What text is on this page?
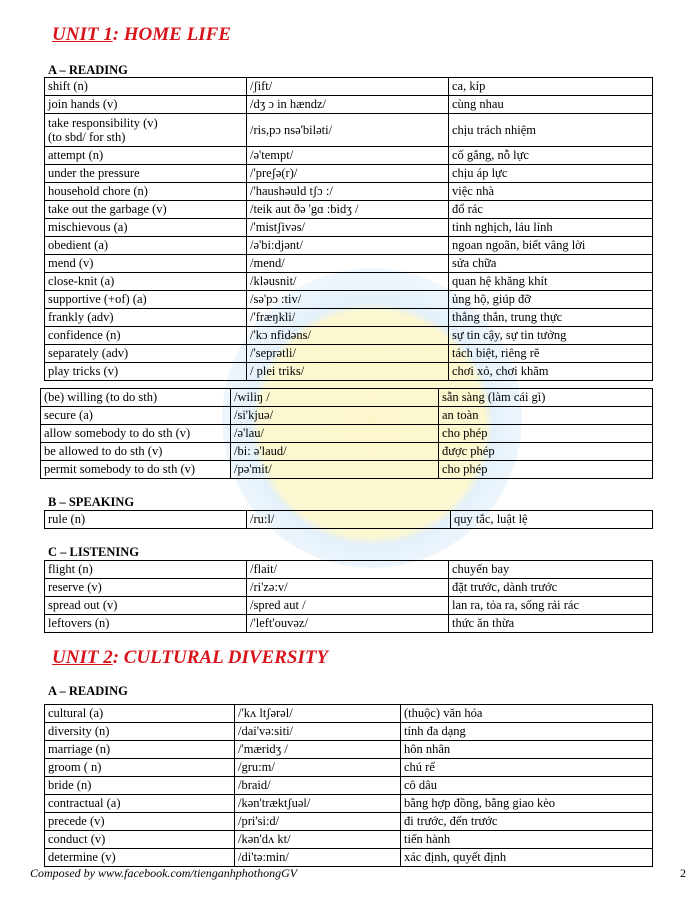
UNIT 1: HOME LIFE
A – READING
shift (n)	/ʃift/	ca, kíp
join hands (v)	/dʒ ɔ in hændz/	cùng nhau
take responsibility (v)
(to sbd/ for sth)	/ris,pɔ nsə'biləti/	chịu trách nhiệm
attempt (n)	/ə'tempt/	cố gắng, nỗ lực
under the pressure	/'preʃə(r)/	chịu áp lực
household chore (n)	/'haushəuld tʃɔ :/	việc nhà
take out the garbage (v)	/teik aut ðə 'gɑ :bidʒ /	đổ rác
mischievous (a)	/'mistʃivəs/	tinh nghịch, láu lỉnh
obedient (a)	/ə'bi:djənt/	ngoan ngoãn, biết vâng lời
mend (v)	/mend/	sửa chữa
close-knit (a)	/kləusnit/	quan hệ khăng khít
supportive (+of) (a)	/sə'pɔ :tiv/	ủng hộ, giúp đỡ
frankly (adv)	/'fræŋkli/	thẳng thắn, trung thực
confidence (n)	/'kɔ nfidəns/	sự tin cậy, sự tin tưởng
separately (adv)	/'seprətli/	tách biệt, riêng rẽ
play tricks (v)	/ plei triks/	chơi xỏ, chơi khăm
(be) willing (to do sth)	/wiliŋ /	sẵn sàng (làm cái gì)
secure (a)	/si'kjuə/	an toàn
allow somebody to do sth (v)	/ə'lau/	cho phép
be allowed to do sth (v)	/bi: ə'laud/	được phép
permit somebody to do sth (v)	/pə'mit/	cho phép
B – SPEAKING
rule (n)	/ru:l/	quy tắc, luật lệ
C – LISTENING
flight (n)	/flait/	chuyến bay
reserve (v)	/ri'zə:v/	đặt trước, dành trước
spread out (v)	/spred aut /	lan ra, tỏa ra, sống rải rác
leftovers (n)	/'left'ouvəz/	thức ăn thừa
UNIT 2: CULTURAL DIVERSITY
A – READING
cultural (a)	/'kʌ ltʃərəl/	(thuộc) văn hóa
diversity (n)	/dai'və:siti/	tính đa dạng
marriage (n)	/'mæridʒ /	hôn nhân
groom ( n)	/gru:m/	chú rể
bride (n)	/braid/	cô dâu
contractual (a)	/kən'træktʃuəl/	bằng hợp đồng, bằng giao kèo
precede (v)	/pri'si:d/	đi trước, đến trước
conduct (v)	/kən'dʌ kt/	tiến hành
determine (v)	/di'tə:min/	xác định, quyết định
Composed by www.facebook.com/tienganhphothongGV	2
